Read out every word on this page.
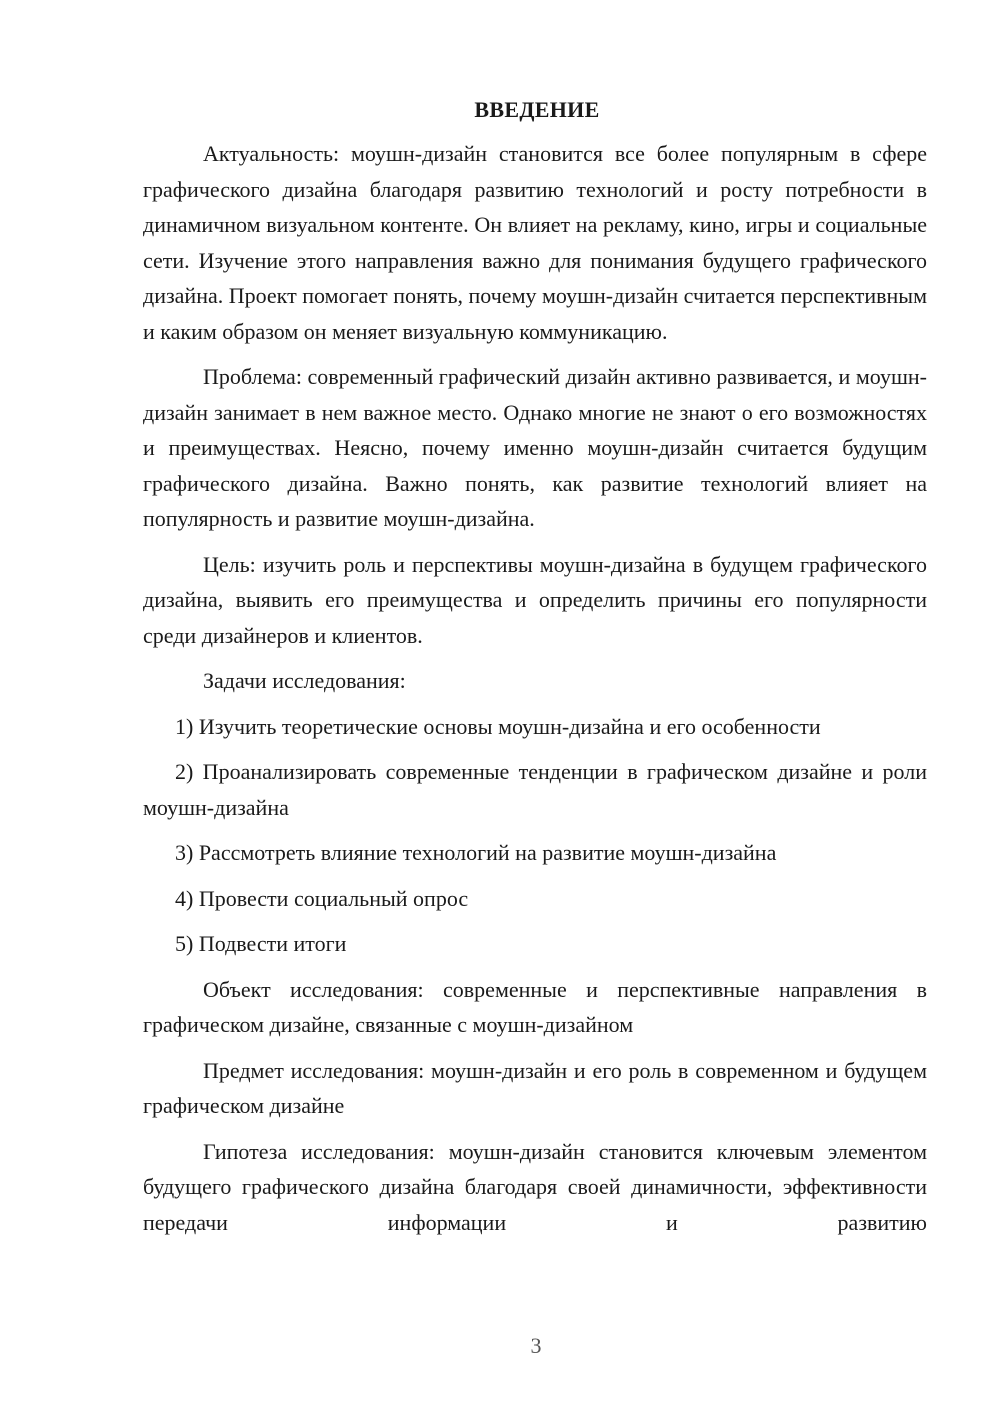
ВВЕДЕНИЕ

Актуальность: моушн-дизайн становится все более популярным в сфере графического дизайна благодаря развитию технологий и росту потребности в динамичном визуальном контенте. Он влияет на рекламу, кино, игры и социальные сети. Изучение этого направления важно для понимания будущего графического дизайна. Проект помогает понять, почему моушн-дизайн считается перспективным и каким образом он меняет визуальную коммуникацию.

Проблема: современный графический дизайн активно развивается, и моушн-дизайн занимает в нем важное место. Однако многие не знают о его возможностях и преимуществах. Неясно, почему именно моушн-дизайн считается будущим графического дизайна. Важно понять, как развитие технологий влияет на популярность и развитие моушн-дизайна.

Цель: изучить роль и перспективы моушн-дизайна в будущем графического дизайна, выявить его преимущества и определить причины его популярности среди дизайнеров и клиентов.

Задачи исследования:

1) Изучить теоретические основы моушн-дизайна и его особенности

2) Проанализировать современные тенденции в графическом дизайне и роли моушн-дизайна

3) Рассмотреть влияние технологий на развитие моушн-дизайна

4) Провести социальный опрос

5) Подвести итоги

Объект исследования: современные и перспективные направления в графическом дизайне, связанные с моушн-дизайном

Предмет исследования: моушн-дизайн и его роль в современном и будущем графическом дизайне

Гипотеза исследования: моушн-дизайн становится ключевым элементом будущего графического дизайна благодаря своей динамичности, эффективности передачи информации и развитию

3
